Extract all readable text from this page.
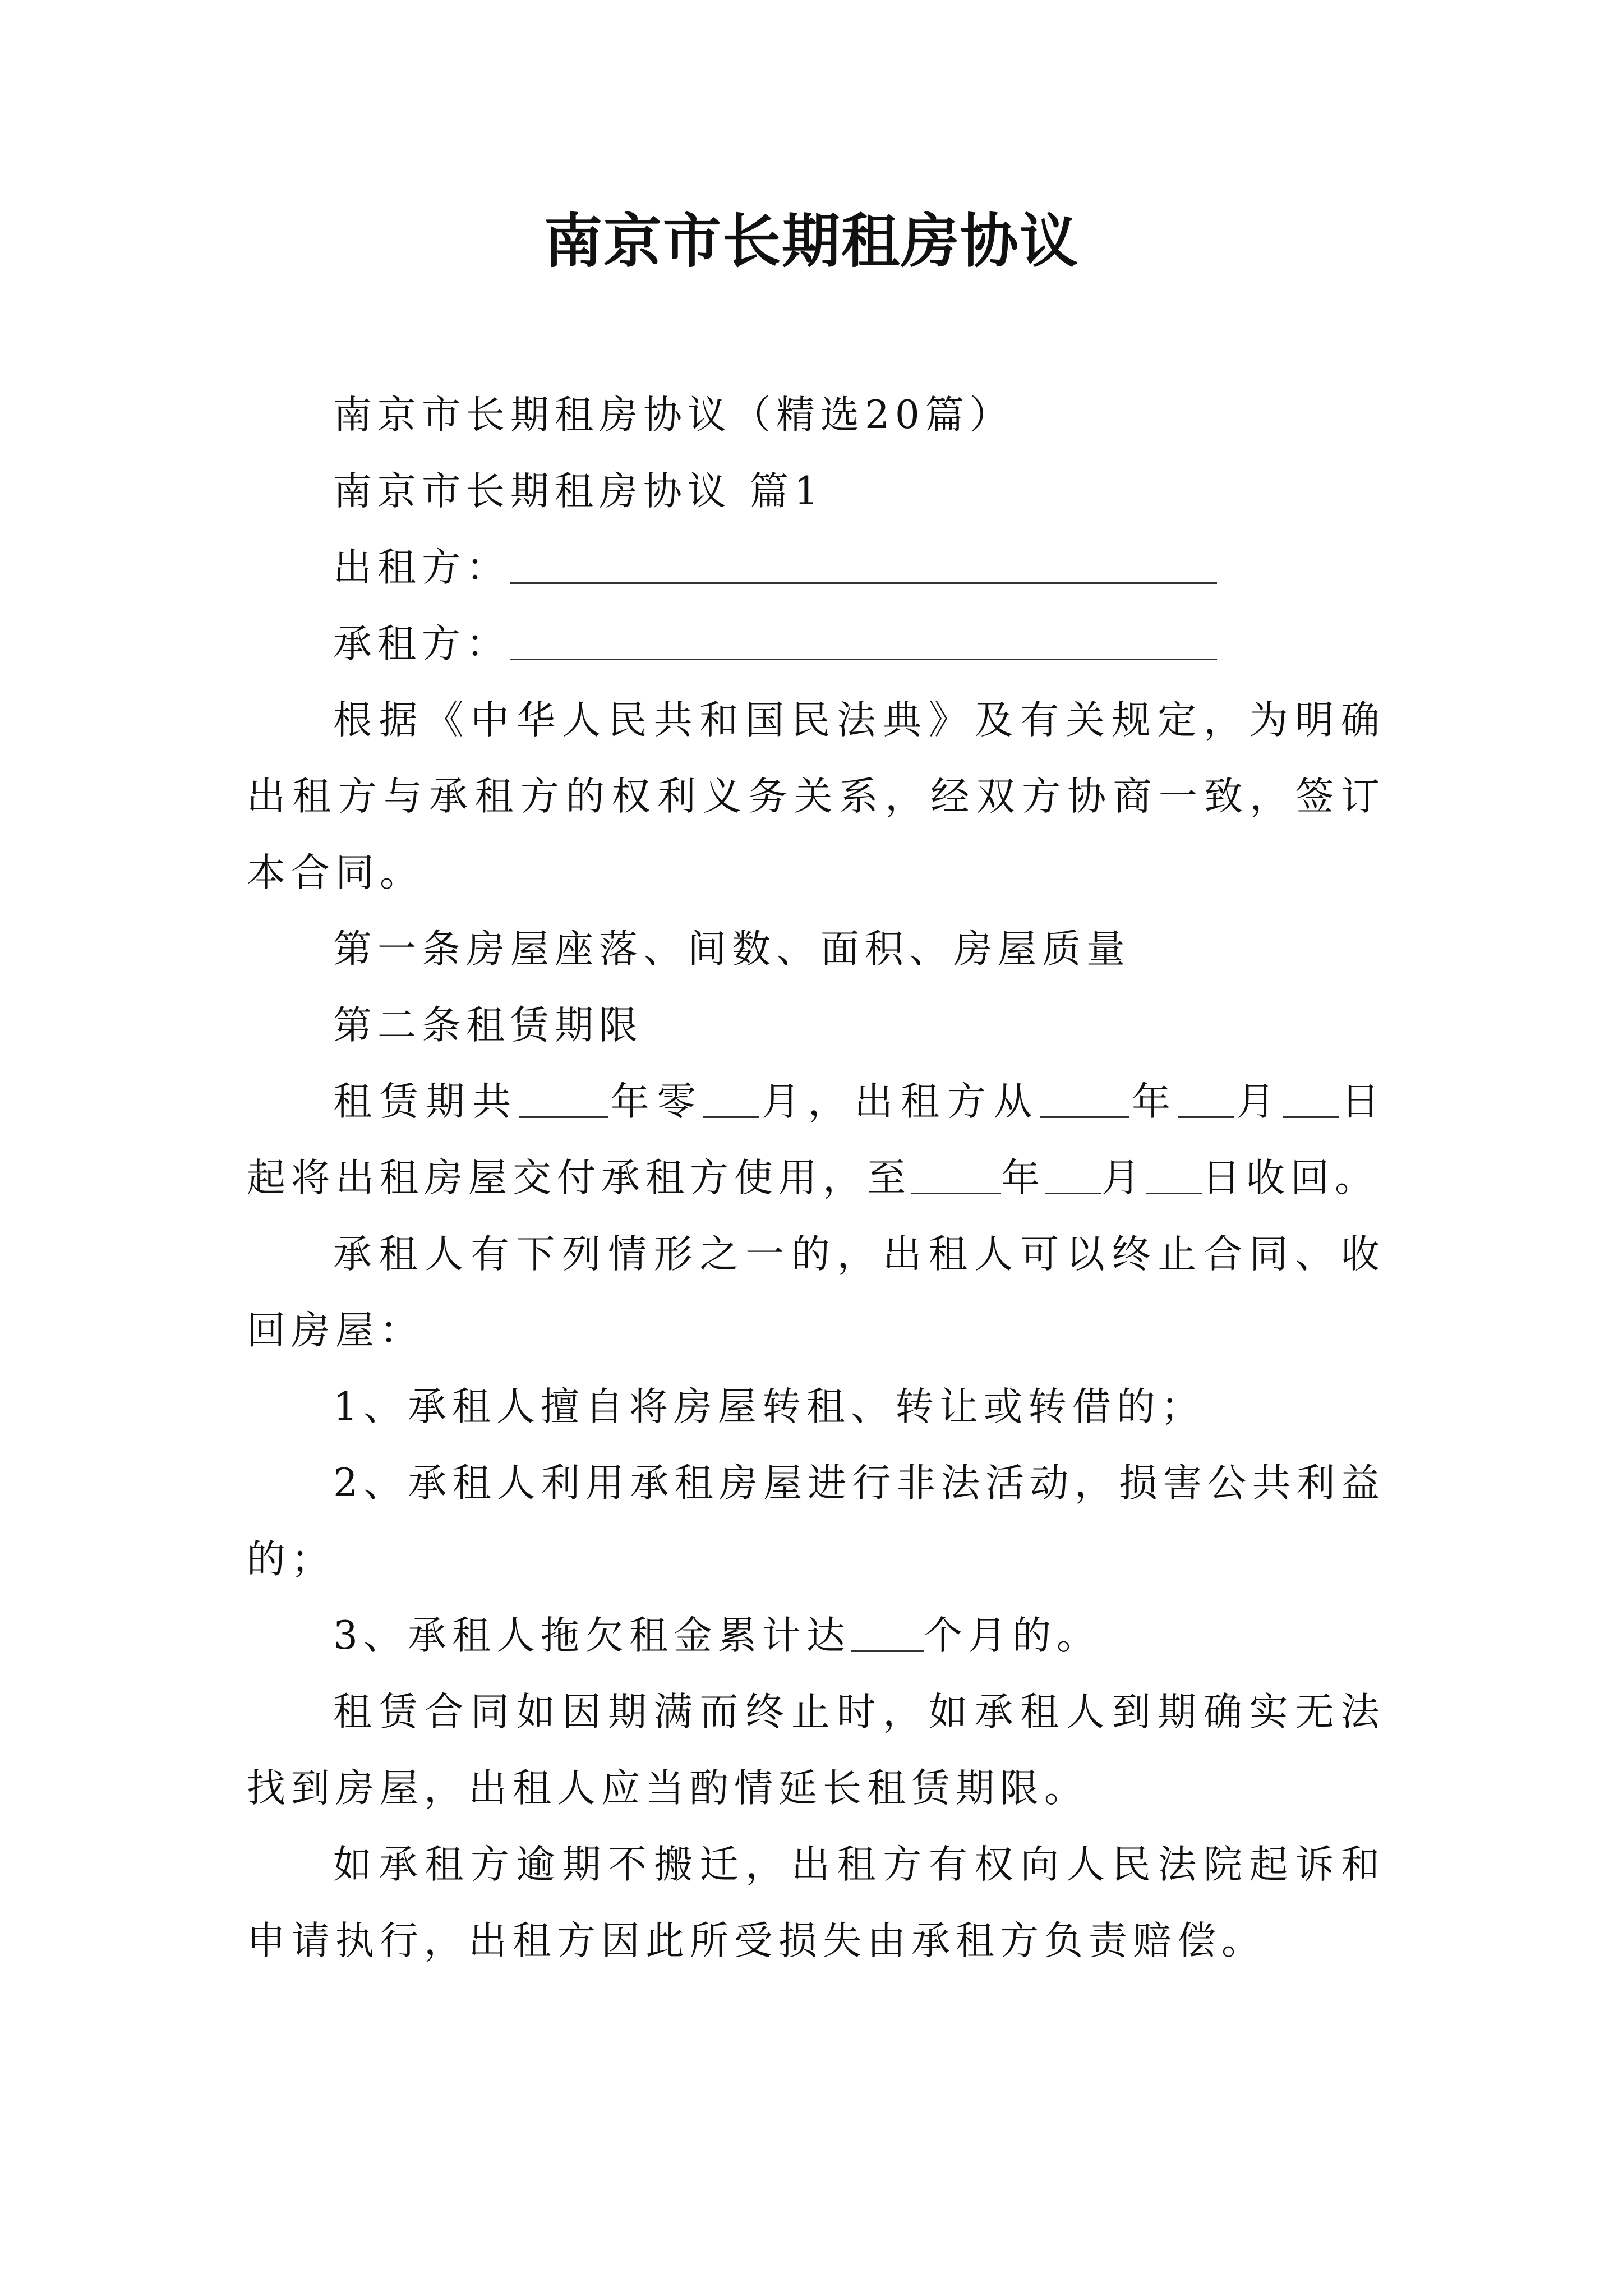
南京市长期租房协议

南京市长期租房协议（精选20篇）

南京市长期租房协议 篇1

出租方：

承租方：

根据《中华人民共和国民法典》及有关规定，为明确出租方与承租方的权利义务关系，经双方协商一致，签订本合同。

第一条房屋座落、间数、面积、房屋质量

第二条租赁期限

租赁期共 年零 月，出租方从 年 月 日起将出租房屋交付承租方使用，至 年 月 日收回。

承租人有下列情形之一的，出租人可以终止合同、收回房屋：

1、承租人擅自将房屋转租、转让或转借的；

2、承租人利用承租房屋进行非法活动，损害公共利益的；

3、承租人拖欠租金累计达 个月的。

租赁合同如因期满而终止时，如承租人到期确实无法找到房屋，出租人应当酌情延长租赁期限。

如承租方逾期不搬迁，出租方有权向人民法院起诉和申请执行，出租方因此所受损失由承租方负责赔偿。
